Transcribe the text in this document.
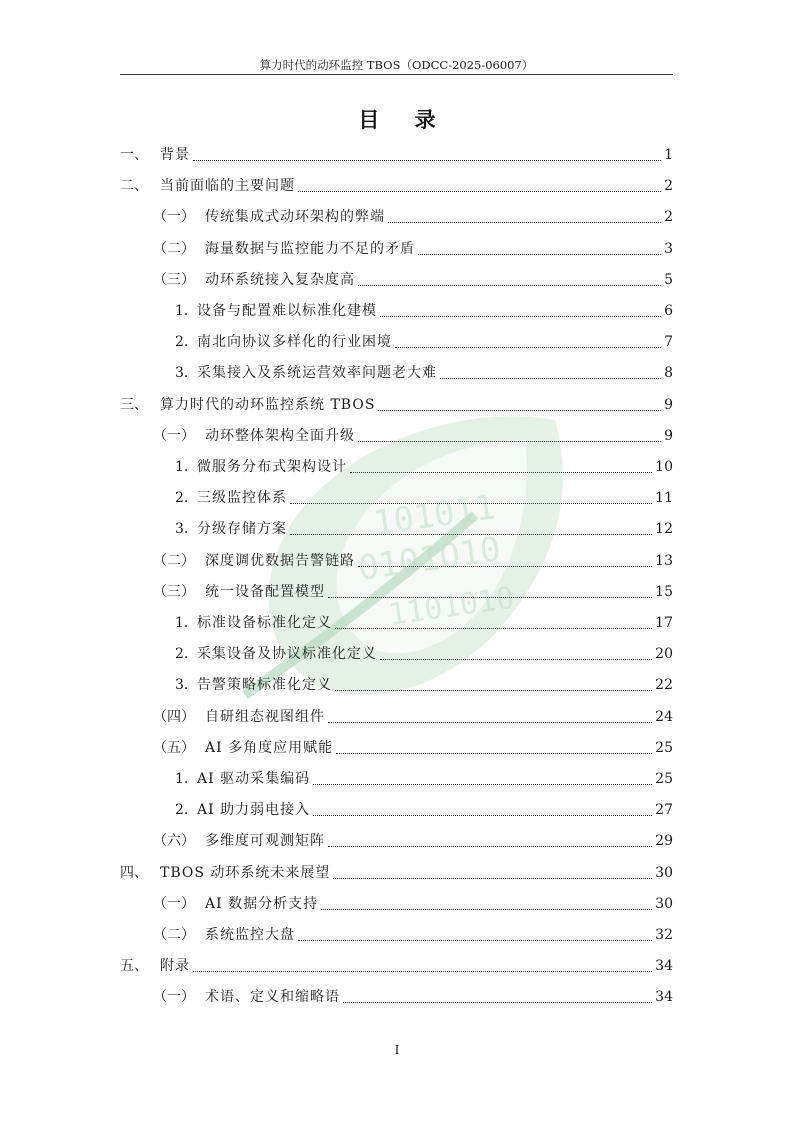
算力时代的动环监控 TBOS（ODCC-2025-06007）
101011
0101O10
1101010
目 录
一、 背景	1
二、 当前面临的主要问题	2
（一） 传统集成式动环架构的弊端	2
（二） 海量数据与监控能力不足的矛盾	3
（三） 动环系统接入复杂度高	5
1. 设备与配置难以标准化建模	6
2. 南北向协议多样化的行业困境	7
3. 采集接入及系统运营效率问题老大难	8
三、 算力时代的动环监控系统 TBOS	9
（一） 动环整体架构全面升级	9
1. 微服务分布式架构设计	10
2. 三级监控体系	11
3. 分级存储方案	12
（二） 深度调优数据告警链路	13
（三） 统一设备配置模型	15
1. 标准设备标准化定义	17
2. 采集设备及协议标准化定义	20
3. 告警策略标准化定义	22
（四） 自研组态视图组件	24
（五） AI 多角度应用赋能	25
1. AI 驱动采集编码	25
2. AI 助力弱电接入	27
（六） 多维度可观测矩阵	29
四、 TBOS 动环系统未来展望	30
（一） AI 数据分析支持	30
（二） 系统监控大盘	32
五、 附录	34
（一） 术语、定义和缩略语	34
I
